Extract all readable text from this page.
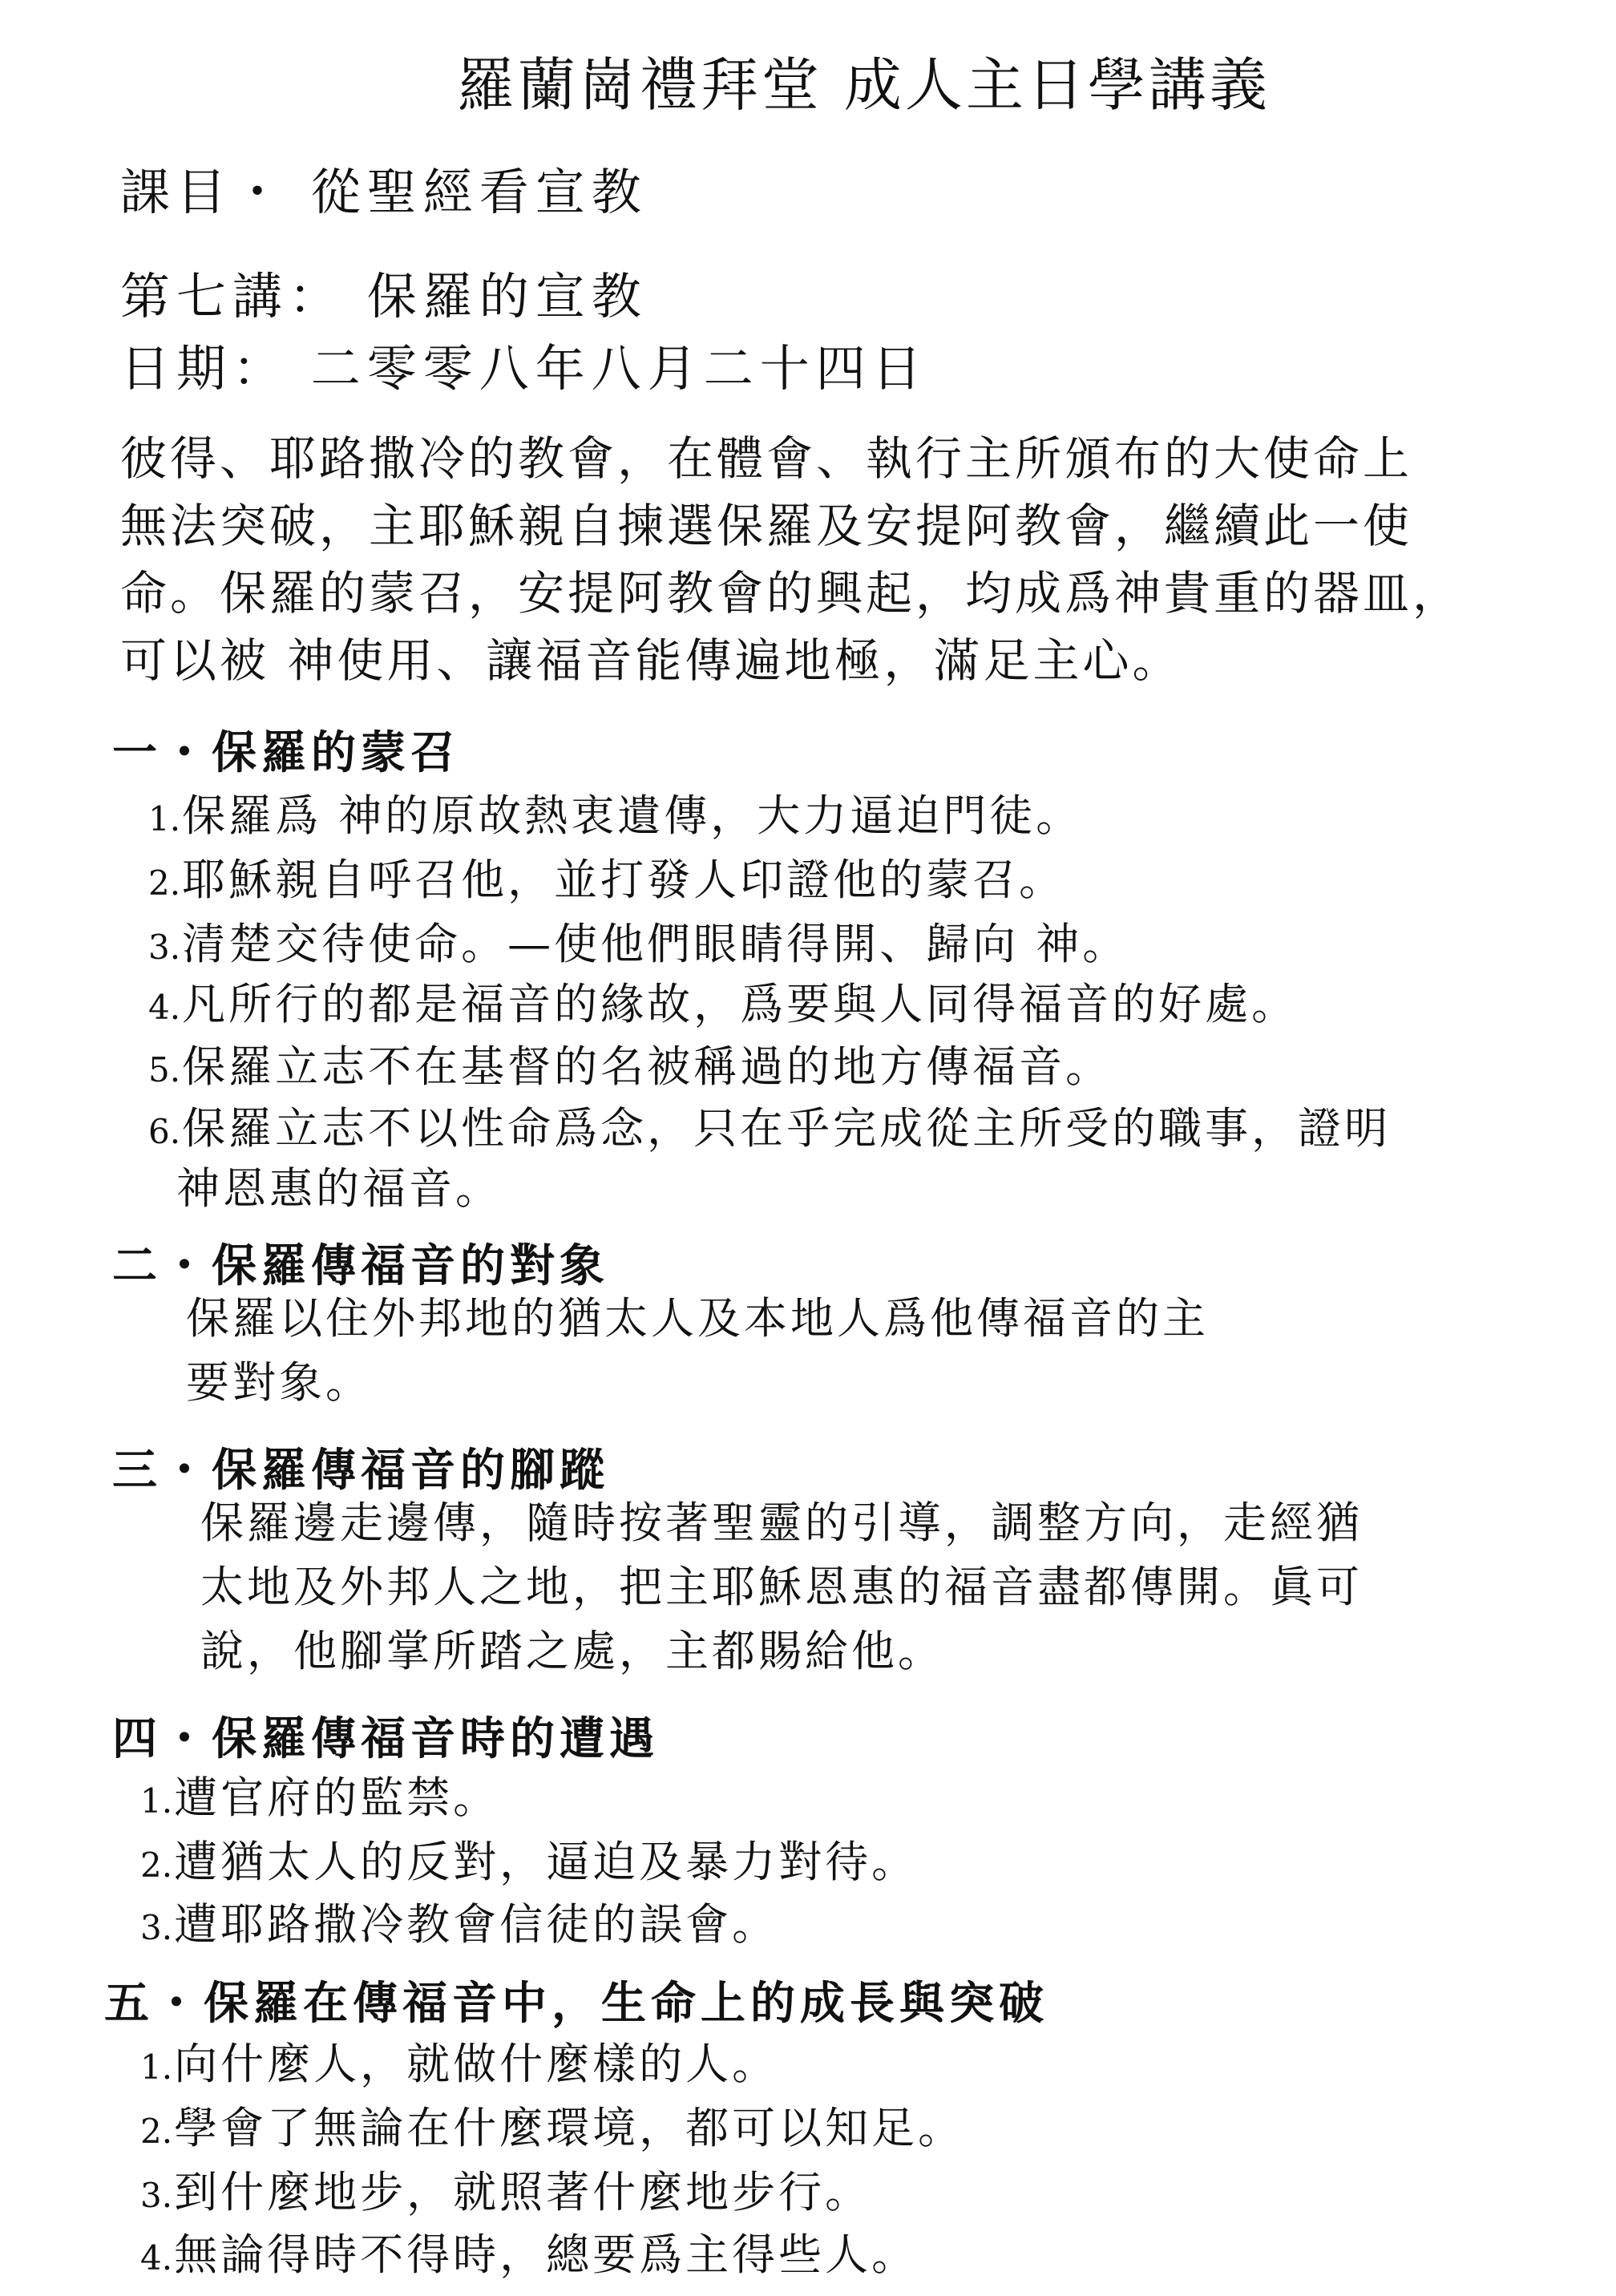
羅蘭崗禮拜堂 成人主日學講義
課目・ 從聖經看宣教
第七講： 保羅的宣教
日期： 二零零八年八月二十四日
彼得、耶路撒冷的教會，在體會、執行主所頒布的大使命上
無法突破，主耶穌親自揀選保羅及安提阿教會，繼續此一使
命。保羅的蒙召，安提阿教會的興起，均成爲神貴重的器皿，
可以被 神使用、讓福音能傳遍地極，滿足主心。
一・保羅的蒙召
1.保羅爲 神的原故熱衷遺傳，大力逼迫門徒。
2.耶穌親自呼召他，並打發人印證他的蒙召。
3.清楚交待使命。—使他們眼睛得開、歸向 神。
4.凡所行的都是福音的緣故，爲要與人同得福音的好處。
5.保羅立志不在基督的名被稱過的地方傳福音。
6.保羅立志不以性命爲念，只在乎完成從主所受的職事，證明
神恩惠的福音。
二・保羅傳福音的對象
保羅以住外邦地的猶太人及本地人爲他傳福音的主
要對象。
三・保羅傳福音的腳蹤
保羅邊走邊傳，隨時按著聖靈的引導，調整方向，走經猶
太地及外邦人之地，把主耶穌恩惠的福音盡都傳開。眞可
說，他腳掌所踏之處，主都賜給他。
四・保羅傳福音時的遭遇
1.遭官府的監禁。
2.遭猶太人的反對，逼迫及暴力對待。
3.遭耶路撒冷教會信徒的誤會。
五・保羅在傳福音中，生命上的成長與突破
1.向什麼人，就做什麼樣的人。
2.學會了無論在什麼環境，都可以知足。
3.到什麼地步，就照著什麼地步行。
4.無論得時不得時，總要爲主得些人。
